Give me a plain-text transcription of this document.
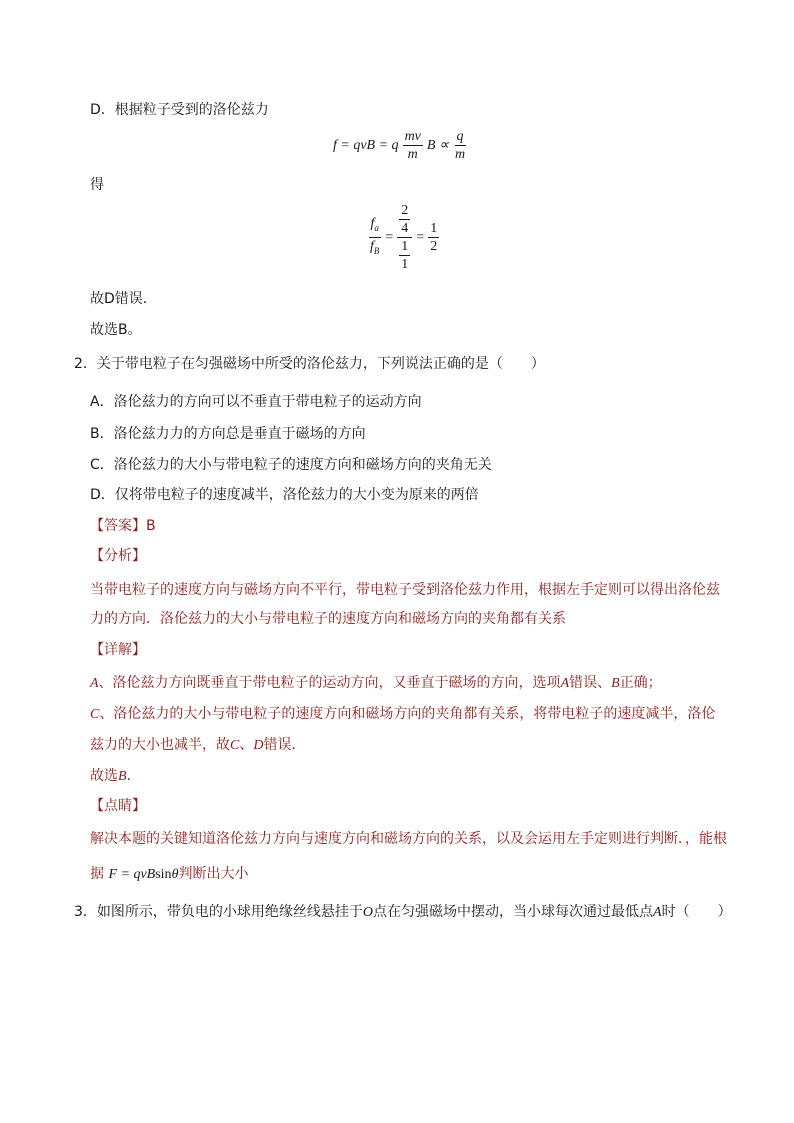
D．根据粒子受到的洛伦兹力
f = qvB = q $\frac{mv}{m}$ $B \propto \frac{q}{m}$
得
$\frac{f_a}{f_B} = \frac{\frac{2}{4}}{\frac{1}{1}} = \frac{1}{2}$
故D错误．
故选B。
2．关于带电粒子在匀强磁场中所受的洛伦兹力，下列说法正确的是（　　）
A．洛伦兹力的方向可以不垂直于带电粒子的运动方向
B．洛伦兹力力的方向总是垂直于磁场的方向
C．洛伦兹力的大小与带电粒子的速度方向和磁场方向的夹角无关
D．仅将带电粒子的速度减半，洛伦兹力的大小变为原来的两倍
【答案】B
【分析】
当带电粒子的速度方向与磁场方向不平行，带电粒子受到洛伦兹力作用，根据左手定则可以得出洛伦兹
力的方向．洛伦兹力的大小与带电粒子的速度方向和磁场方向的夹角都有关系
【详解】
A、洛伦兹力方向既垂直于带电粒子的运动方向，又垂直于磁场的方向，选项A错误、B正确；
C、洛伦兹力的大小与带电粒子的速度方向和磁场方向的夹角都有关系，将带电粒子的速度减半，洛伦
兹力的大小也减半，故C、D错误．
故选B．
【点睛】
解决本题的关键知道洛伦兹力方向与速度方向和磁场方向的关系，以及会运用左手定则进行判断．，能根
据 F = qvBsinθ判断出大小
3．如图所示，带负电的小球用绝缘丝线悬挂于O点在匀强磁场中摆动，当小球每次通过最低点A时（　　）
